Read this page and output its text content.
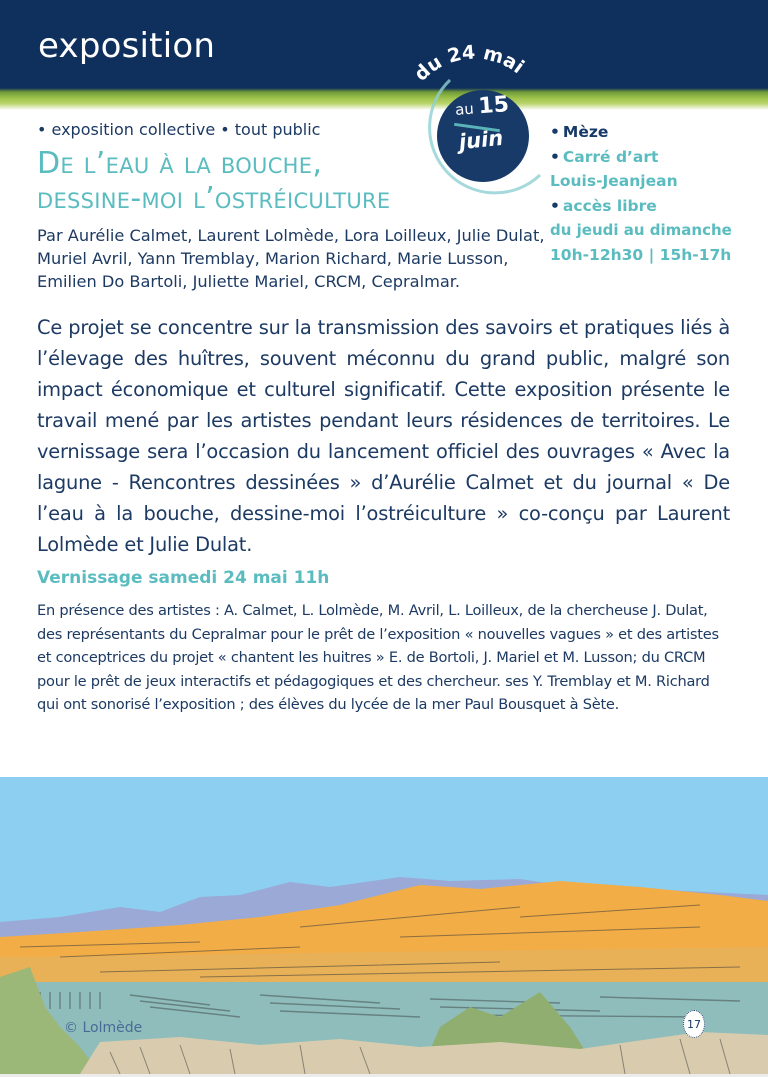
exposition
du 24 mai
au 15
juin
• exposition collective • tout public
De l’eau à la bouche,
dessine-moi l’ostréiculture

Par Aurélie Calmet, Laurent Lolmède, Lora Loilleux, Julie Dulat, Muriel Avril, Yann Tremblay, Marion Richard, Marie Lusson, Emilien Do Bartoli, Juliette Mariel, CRCM, Cepralmar.

• Mèze
• Carré d’art
Louis-Jeanjean
• accès libre
du jeudi au dimanche
10h-12h30 | 15h-17h

Ce projet se concentre sur la transmission des savoirs et pratiques liés à l’élevage des huîtres, souvent méconnu du grand public, malgré son impact économique et culturel significatif. Cette exposition présente le travail mené par les artistes pendant leurs résidences de territoires. Le vernissage sera l’occasion du lancement officiel des ouvrages « Avec la lagune - Rencontres dessinées » d’Aurélie Calmet et du journal « De l’eau à la bouche, dessine-moi l’ostréiculture » co-conçu par Laurent Lolmède et Julie Dulat.

Vernissage samedi 24 mai 11h

En présence des artistes : A. Calmet, L. Lolmède, M. Avril, L. Loilleux, de la chercheuse J. Dulat, des représentants du Cepralmar pour le prêt de l’exposition « nouvelles vagues » et des artistes et conceptrices du projet « chantent les huitres » E. de Bortoli, J. Mariel et M. Lusson; du CRCM pour le prêt de jeux interactifs et pédagogiques et des chercheur. ses Y. Tremblay et M. Richard qui ont sonorisé l’exposition ; des élèves du lycée de la mer Paul Bousquet à Sète.

© Lolmède	17
